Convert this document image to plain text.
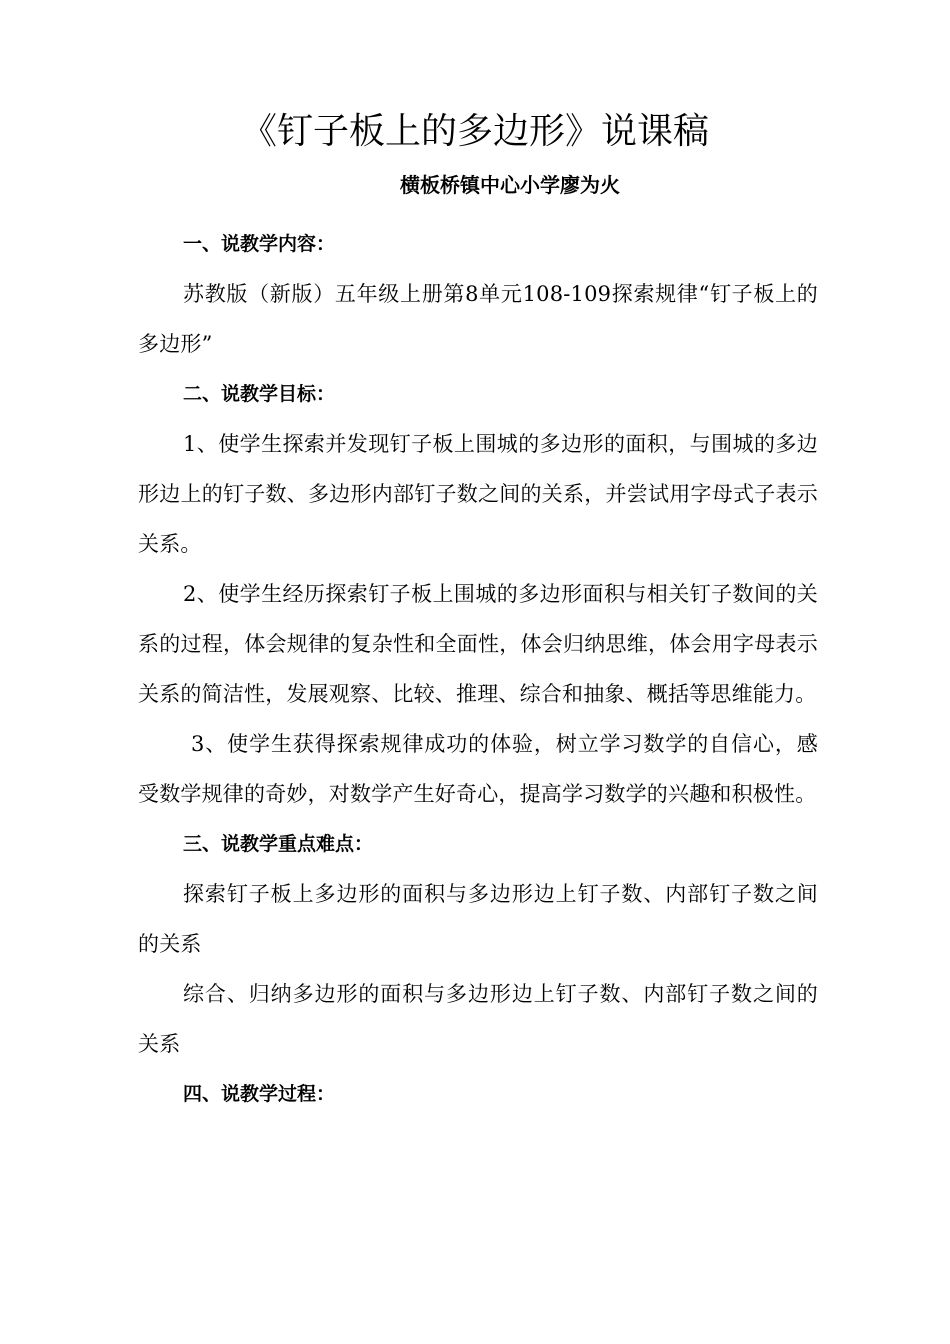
《钉子板上的多边形》说课稿
横板桥镇中心小学廖为火
一、说教学内容：
苏教版（新版）五年级上册第8单元108-109探索规律“钉子板上的多边形”
二、说教学目标：
1、使学生探索并发现钉子板上围城的多边形的面积，与围城的多边形边上的钉子数、多边形内部钉子数之间的关系，并尝试用字母式子表示关系。
2、使学生经历探索钉子板上围城的多边形面积与相关钉子数间的关系的过程，体会规律的复杂性和全面性，体会归纳思维，体会用字母表示关系的简洁性，发展观察、比较、推理、综合和抽象、概括等思维能力。
3、使学生获得探索规律成功的体验，树立学习数学的自信心，感受数学规律的奇妙，对数学产生好奇心，提高学习数学的兴趣和积极性。
三、说教学重点难点：
探索钉子板上多边形的面积与多边形边上钉子数、内部钉子数之间的关系
综合、归纳多边形的面积与多边形边上钉子数、内部钉子数之间的关系
四、说教学过程：
